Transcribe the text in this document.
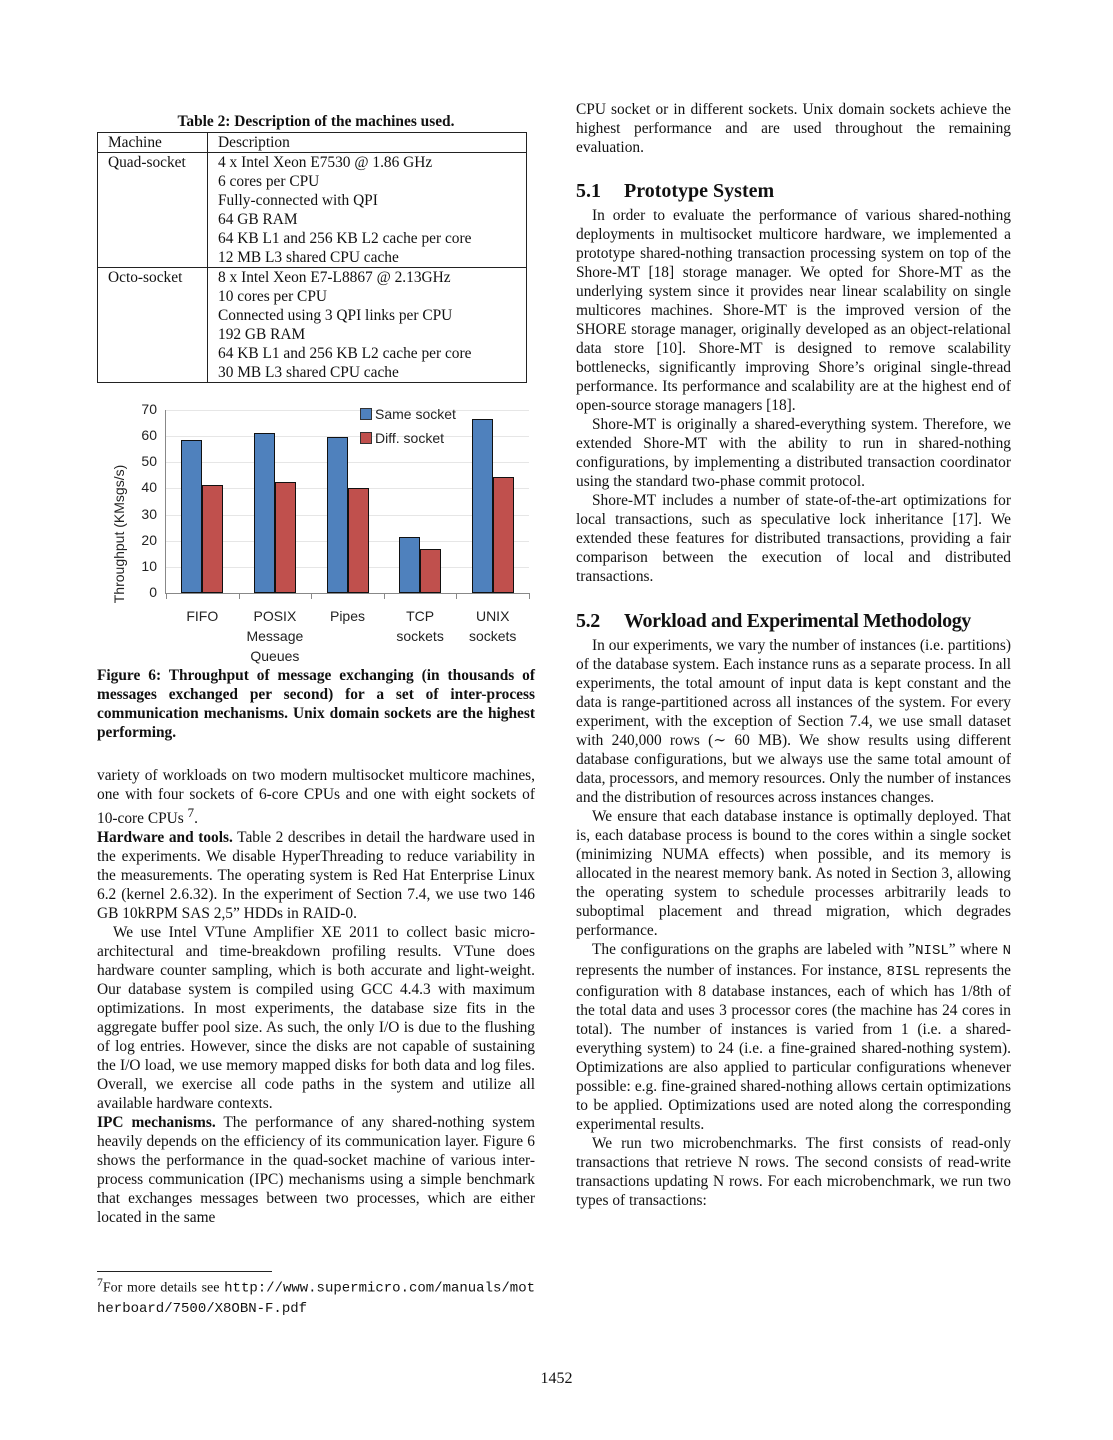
Table 2: Description of the machines used.
Machine	Description
Quad-socket	4 x Intel Xeon E7530 @ 1.86 GHz
6 cores per CPU
Fully-connected with QPI
64 GB RAM
64 KB L1 and 256 KB L2 cache per core
12 MB L3 shared CPU cache

Octo-socket	8 x Intel Xeon E7-L8867 @ 2.13GHz
10 cores per CPU
Connected using 3 QPI links per CPU
192 GB RAM
64 KB L1 and 256 KB L2 cache per core
30 MB L3 shared CPU cache
Throughput (KMsgs/s)	0
10
20
30
40
50
60
70
FIFO	POSIX
Message
Queues
Pipes	TCP
sockets
UNIX
sockets
Same socket
Diff. socket
Figure 6: Throughput of message exchanging (in thousands of messages exchanged per second) for a set of inter-process communication mechanisms. Unix domain sockets are the highest performing.
variety of workloads on two modern multisocket multicore machines, one with four sockets of 6-core CPUs and one with eight sockets of 10-core CPUs $^7$.
Hardware and tools. Table 2 describes in detail the hardware used in the experiments. We disable HyperThreading to reduce variability in the measurements. The operating system is Red Hat Enterprise Linux 6.2 (kernel 2.6.32). In the experiment of Section 7.4, we use two 146 GB 10kRPM SAS 2,5” HDDs in RAID-0.
We use Intel VTune Amplifier XE 2011 to collect basic micro-architectural and time-breakdown profiling results. VTune does hardware counter sampling, which is both accurate and light-weight. Our database system is compiled using GCC 4.4.3 with maximum optimizations. In most experiments, the database size fits in the aggregate buffer pool size. As such, the only I/O is due to the flushing of log entries. However, since the disks are not capable of sustaining the I/O load, we use memory mapped disks for both data and log files. Overall, we exercise all code paths in the system and utilize all available hardware contexts.
IPC mechanisms. The performance of any shared-nothing system heavily depends on the efficiency of its communication layer. Figure 6 shows the performance in the quad-socket machine of various inter-process communication (IPC) mechanisms using a simple benchmark that exchanges messages between two processes, which are either located in the same
$^7$For more details see http://www.supermicro.com/manuals/motherboard/7500/X8OBN-F.pdf
CPU socket or in different sockets. Unix domain sockets achieve the highest performance and are used throughout the remaining evaluation.
5.1 Prototype System
In order to evaluate the performance of various shared-nothing deployments in multisocket multicore hardware, we implemented a prototype shared-nothing transaction processing system on top of the Shore-MT [18] storage manager. We opted for Shore-MT as the underlying system since it provides near linear scalability on single multicores machines. Shore-MT is the improved version of the SHORE storage manager, originally developed as an object-relational data store [10]. Shore-MT is designed to remove scalability bottlenecks, significantly improving Shore’s original single-thread performance. Its performance and scalability are at the highest end of open-source storage managers [18].
Shore-MT is originally a shared-everything system. Therefore, we extended Shore-MT with the ability to run in shared-nothing configurations, by implementing a distributed transaction coordinator using the standard two-phase commit protocol.
Shore-MT includes a number of state-of-the-art optimizations for local transactions, such as speculative lock inheritance [17]. We extended these features for distributed transactions, providing a fair comparison between the execution of local and distributed transactions.
5.2 Workload and Experimental Methodology
In our experiments, we vary the number of instances (i.e. partitions) of the database system. Each instance runs as a separate process. In all experiments, the total amount of input data is kept constant and the data is range-partitioned across all instances of the system. For every experiment, with the exception of Section 7.4, we use small dataset with 240,000 rows (∼ 60 MB). We show results using different database configurations, but we always use the same total amount of data, processors, and memory resources. Only the number of instances and the distribution of resources across instances changes.
We ensure that each database instance is optimally deployed. That is, each database process is bound to the cores within a single socket (minimizing NUMA effects) when possible, and its memory is allocated in the nearest memory bank. As noted in Section 3, allowing the operating system to schedule processes arbitrarily leads to suboptimal placement and thread migration, which degrades performance.
The configurations on the graphs are labeled with ”NISL” where N represents the number of instances. For instance, 8ISL represents the configuration with 8 database instances, each of which has 1/8th of the total data and uses 3 processor cores (the machine has 24 cores in total). The number of instances is varied from 1 (i.e. a shared-everything system) to 24 (i.e. a fine-grained shared-nothing system). Optimizations are also applied to particular configurations whenever possible: e.g. fine-grained shared-nothing allows certain optimizations to be applied. Optimizations used are noted along the corresponding experimental results.
We run two microbenchmarks. The first consists of read-only transactions that retrieve N rows. The second consists of read-write transactions updating N rows. For each microbenchmark, we run two types of transactions:
1452
